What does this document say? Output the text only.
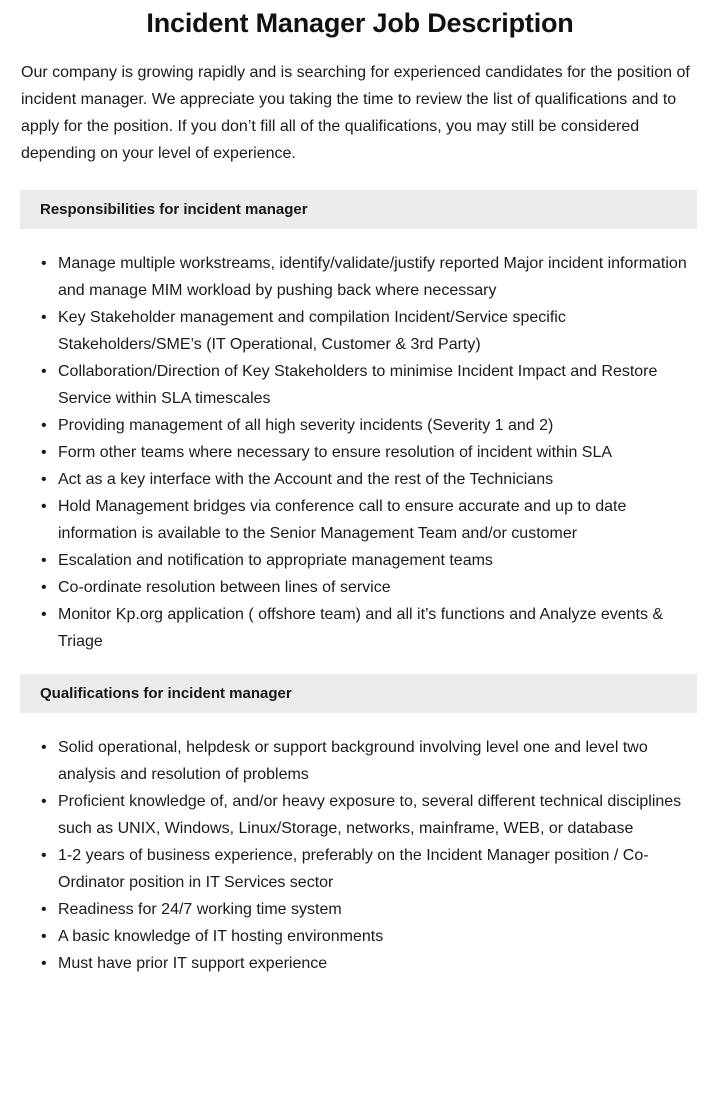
Incident Manager Job Description

Our company is growing rapidly and is searching for experienced candidates for the position of incident manager. We appreciate you taking the time to review the list of qualifications and to apply for the position. If you don’t fill all of the qualifications, you may still be considered depending on your level of experience.

Responsibilities for incident manager
• Manage multiple workstreams, identify/validate/justify reported Major incident information and manage MIM workload by pushing back where necessary
• Key Stakeholder management and compilation Incident/Service specific Stakeholders/SME’s (IT Operational, Customer & 3rd Party)
• Collaboration/Direction of Key Stakeholders to minimise Incident Impact and Restore Service within SLA timescales
• Providing management of all high severity incidents (Severity 1 and 2)
• Form other teams where necessary to ensure resolution of incident within SLA
• Act as a key interface with the Account and the rest of the Technicians
• Hold Management bridges via conference call to ensure accurate and up to date information is available to the Senior Management Team and/or customer
• Escalation and notification to appropriate management teams
• Co-ordinate resolution between lines of service
• Monitor Kp.org application ( offshore team) and all it’s functions and Analyze events & Triage
Qualifications for incident manager
• Solid operational, helpdesk or support background involving level one and level two analysis and resolution of problems
• Proficient knowledge of, and/or heavy exposure to, several different technical disciplines such as UNIX, Windows, Linux/Storage, networks, mainframe, WEB, or database
• 1-2 years of business experience, preferably on the Incident Manager position / Co-Ordinator position in IT Services sector
• Readiness for 24/7 working time system
• A basic knowledge of IT hosting environments
• Must have prior IT support experience
